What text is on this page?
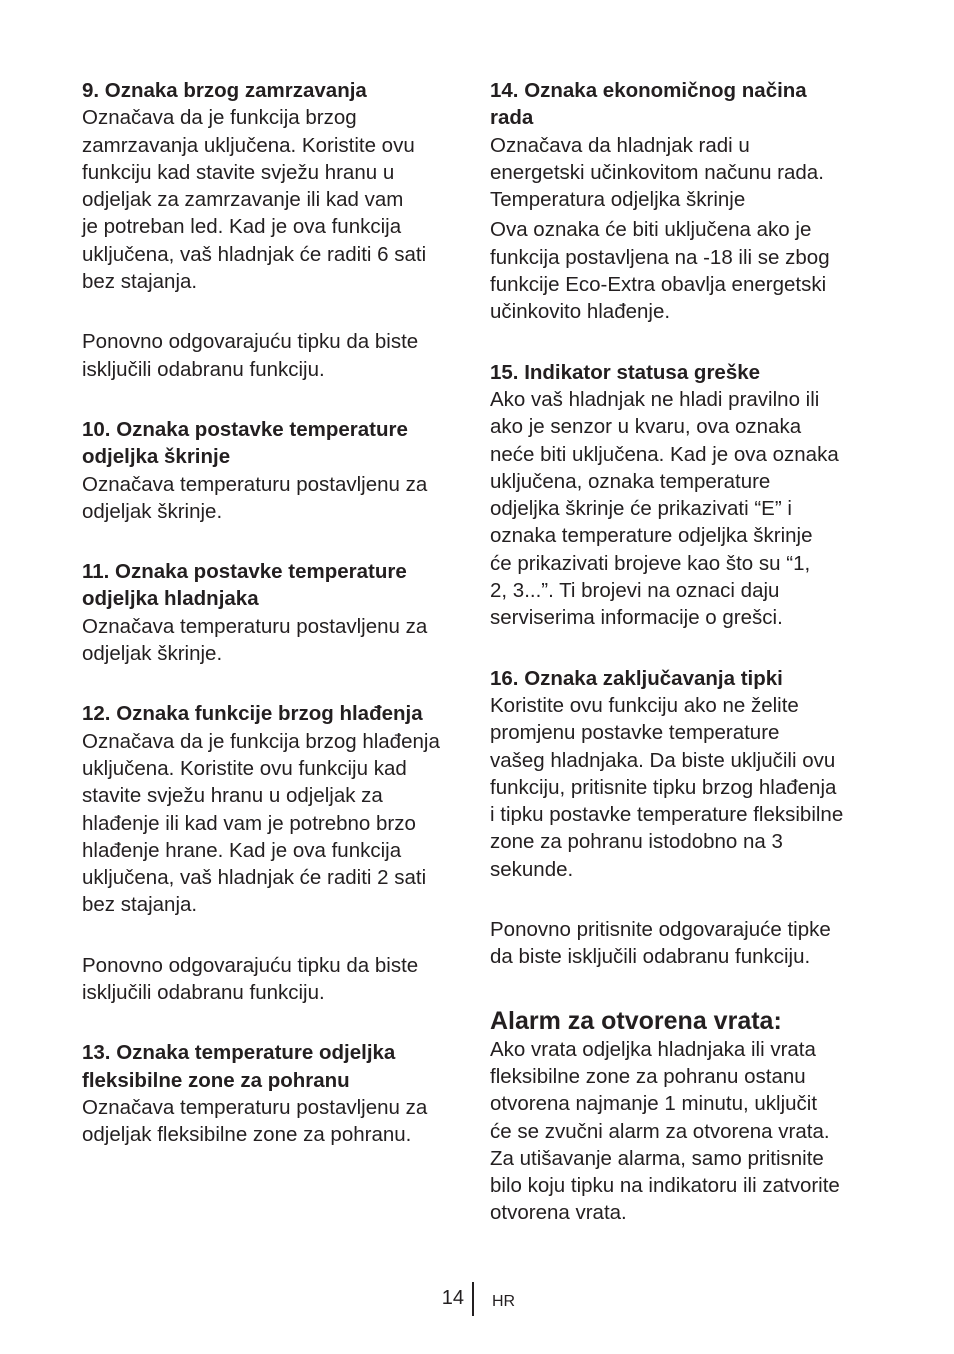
9. Oznaka brzog zamrzavanja

Označava da je funkcija brzog
zamrzavanja uključena. Koristite ovu
funkciju kad stavite svježu hranu u
odjeljak za zamrzavanje ili kad vam
je potreban led. Kad je ova funkcija
uključena, vaš hladnjak će raditi 6 sati
bez stajanja.

Ponovno odgovarajuću tipku da biste
isključili odabranu funkciju.

10. Oznaka postavke temperature
odjeljka škrinje

Označava temperaturu postavljenu za
odjeljak škrinje.

11. Oznaka postavke temperature
odjeljka hladnjaka

Označava temperaturu postavljenu za
odjeljak škrinje.

12. Oznaka funkcije brzog hlađenja

Označava da je funkcija brzog hlađenja
uključena. Koristite ovu funkciju kad
stavite svježu hranu u odjeljak za
hlađenje ili kad vam je potrebno brzo
hlađenje hrane. Kad je ova funkcija
uključena, vaš hladnjak će raditi 2 sati
bez stajanja.

Ponovno odgovarajuću tipku da biste
isključili odabranu funkciju.

13. Oznaka temperature odjeljka
fleksibilne zone za pohranu

Označava temperaturu postavljenu za
odjeljak fleksibilne zone za pohranu.

14. Oznaka ekonomičnog načina
rada

Označava da hladnjak radi u
energetski učinkovitom načunu rada.
Temperatura odjeljka škrinje

Ova oznaka će biti uključena ako je
funkcija postavljena na -18 ili se zbog
funkcije Eco-Extra obavlja energetski
učinkovito hlađenje.

15. Indikator statusa greške

Ako vaš hladnjak ne hladi pravilno ili
ako je senzor u kvaru, ova oznaka
neće biti uključena. Kad je ova oznaka
uključena, oznaka temperature
odjeljka škrinje će prikazivati “E” i
oznaka temperature odjeljka škrinje
će prikazivati brojeve kao što su “1,
2, 3...”. Ti brojevi na oznaci daju
serviserima informacije o grešci.

16. Oznaka zaključavanja tipki

Koristite ovu funkciju ako ne želite
promjenu postavke temperature
vašeg hladnjaka. Da biste uključili ovu
funkciju, pritisnite tipku brzog hlađenja
i tipku postavke temperature fleksibilne
zone za pohranu istodobno na 3
sekunde.

Ponovno pritisnite odgovarajuće tipke
da biste isključili odabranu funkciju.

Alarm za otvorena vrata:

Ako vrata odjeljka hladnjaka ili vrata
fleksibilne zone za pohranu ostanu
otvorena najmanje 1 minutu, uključit
će se zvučni alarm za otvorena vrata.
Za utišavanje alarma, samo pritisnite
bilo koju tipku na indikatoru ili zatvorite
otvorena vrata.

14 HR
